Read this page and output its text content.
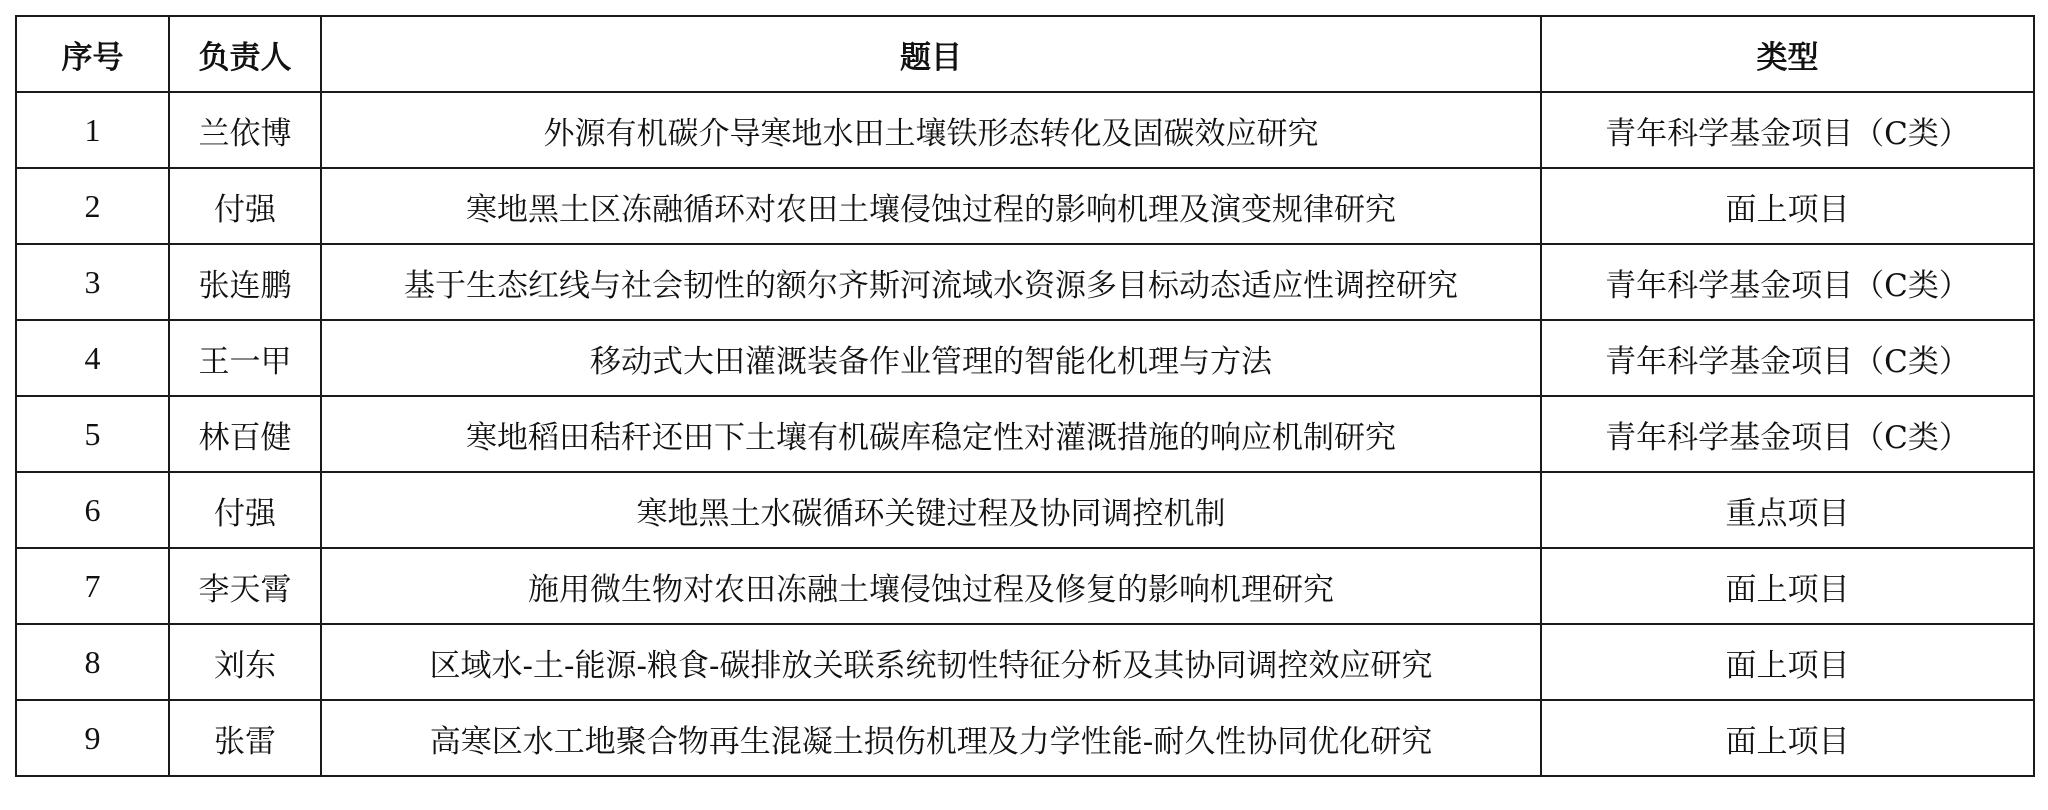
序号	负责人	题目	类型
1	兰依博	外源有机碳介导寒地水田土壤铁形态转化及固碳效应研究	青年科学基金项目（C类）
2	付强	寒地黑土区冻融循环对农田土壤侵蚀过程的影响机理及演变规律研究	面上项目
3	张连鹏	基于生态红线与社会韧性的额尔齐斯河流域水资源多目标动态适应性调控研究	青年科学基金项目（C类）
4	王一甲	移动式大田灌溉装备作业管理的智能化机理与方法	青年科学基金项目（C类）
5	林百健	寒地稻田秸秆还田下土壤有机碳库稳定性对灌溉措施的响应机制研究	青年科学基金项目（C类）
6	付强	寒地黑土水碳循环关键过程及协同调控机制	重点项目
7	李天霄	施用微生物对农田冻融土壤侵蚀过程及修复的影响机理研究	面上项目
8	刘东	区域水-土-能源-粮食-碳排放关联系统韧性特征分析及其协同调控效应研究	面上项目
9	张雷	高寒区水工地聚合物再生混凝土损伤机理及力学性能-耐久性协同优化研究	面上项目
